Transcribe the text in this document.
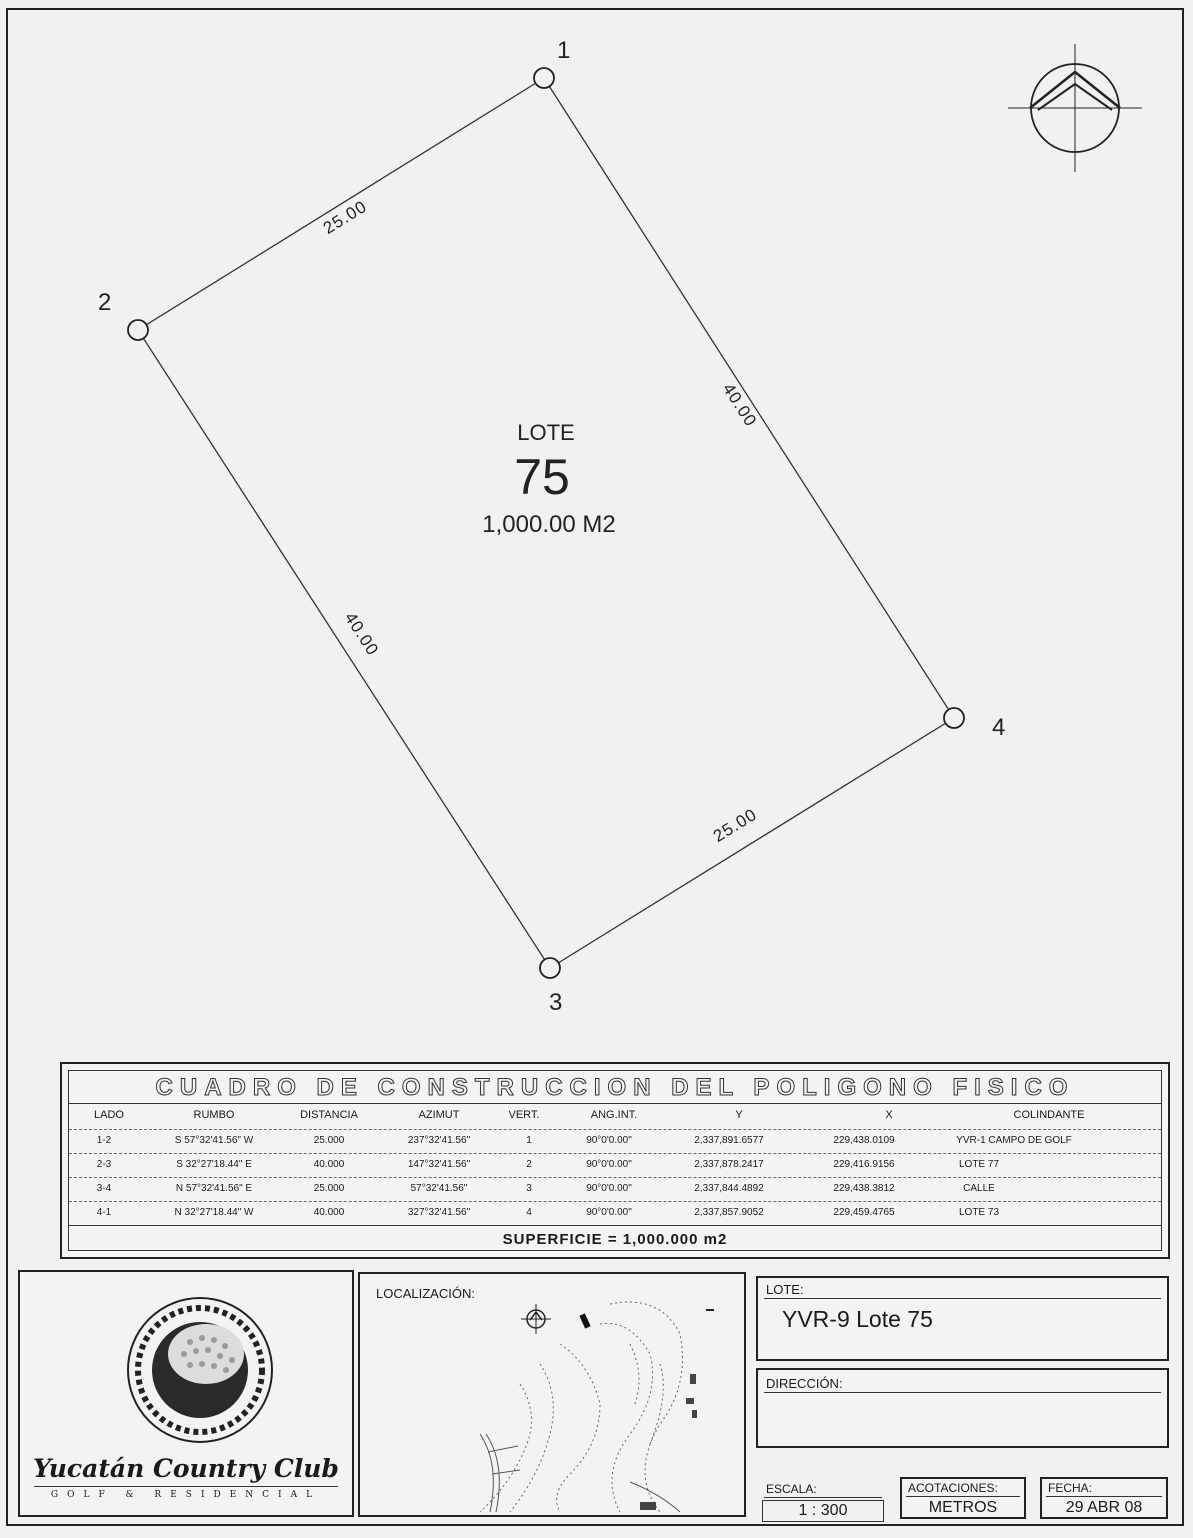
1
2
3
4
25.00
40.00
25.00
40.00
LOTE
75
1,000.00 M2
CUADRO DE CONSTRUCCION DEL POLIGONO FISICO
LADO	RUMBO	DISTANCIA	AZIMUT	VERT.	ANG.INT.	Y	X	COLINDANTE
1-2	S 57°32'41.56" W	25.000	237°32'41.56"	1	90°0'0.00"	2,337,891.6577	229,438.0109	YVR-1 CAMPO DE GOLF
2-3	S 32°27'18.44" E	40.000	147°32'41.56"	2	90°0'0.00"	2,337,878.2417	229,416.9156	LOTE 77
3-4	N 57°32'41.56" E	25.000	57°32'41.56"	3	90°0'0.00"	2,337,844.4892	229,438.3812	CALLE
4-1	N 32°27'18.44" W	40.000	327°32'41.56"	4	90°0'0.00"	2,337,857.9052	229,459.4765	LOTE 73
SUPERFICIE = 1,000.000 m2
Yucatán Country Club
GOLF & RESIDENCIAL
LOCALIZACIÓN:	LOTE:
YVR-9 Lote 75
DIRECCIÓN:
ESCALA:
1 : 300
ACOTACIONES:
METROS
FECHA:
29 ABR 08
